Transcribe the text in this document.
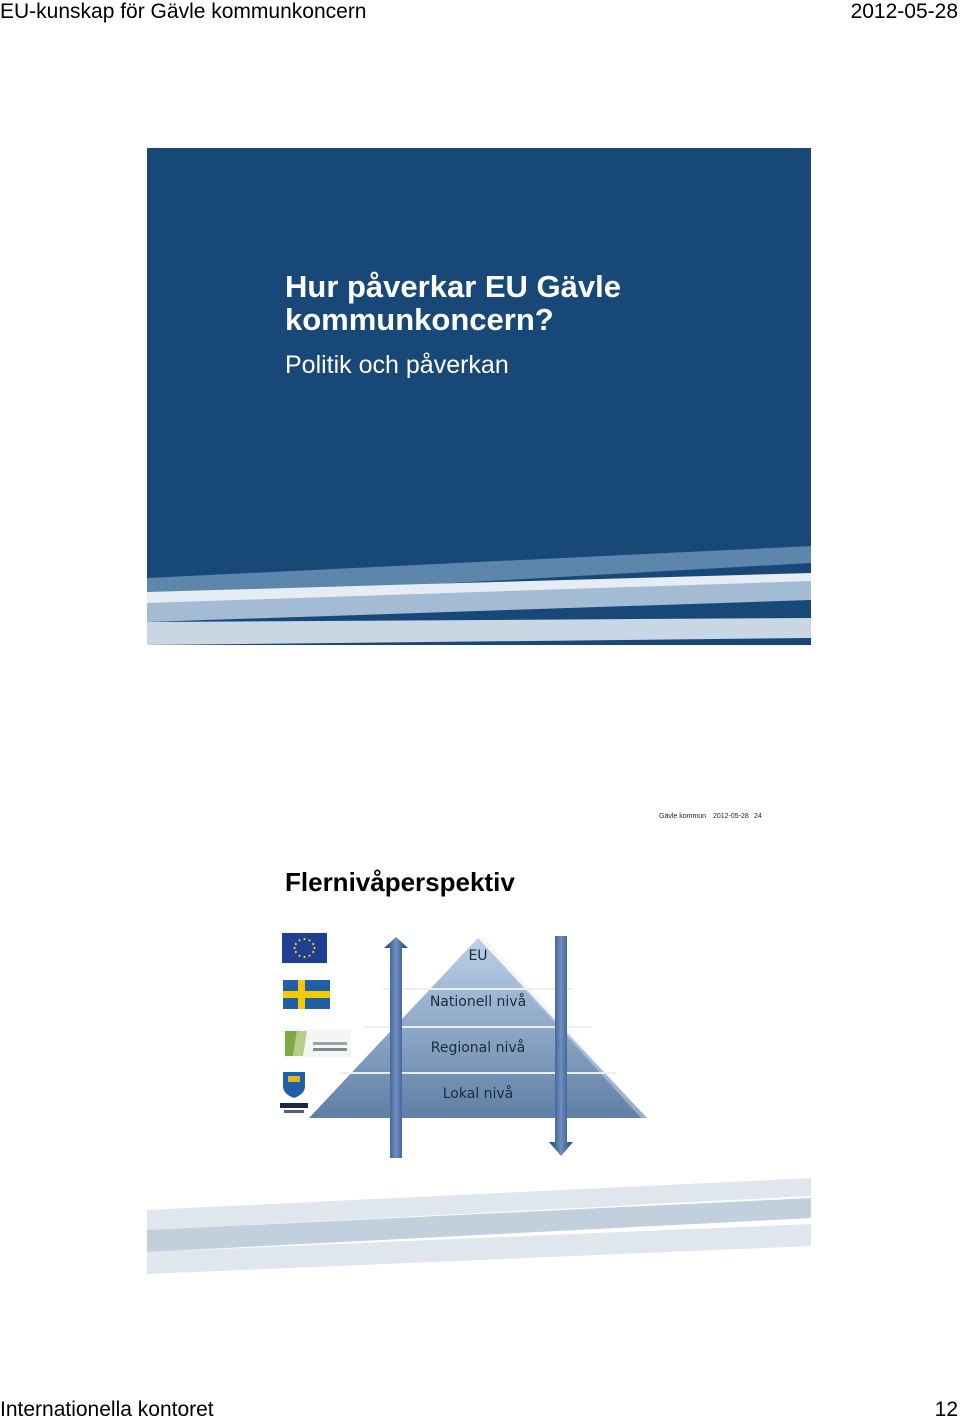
EU-kunskap för Gävle kommunkoncern	2012-05-28
Hur påverkar EU Gävle
kommunkoncern?
Politik och påverkan
Gävle kommun 2012-05-28 24
Flernivåperspektiv
EU
Nationell nivå
Regional nivå
Lokal nivå
Internationella kontoret	12
